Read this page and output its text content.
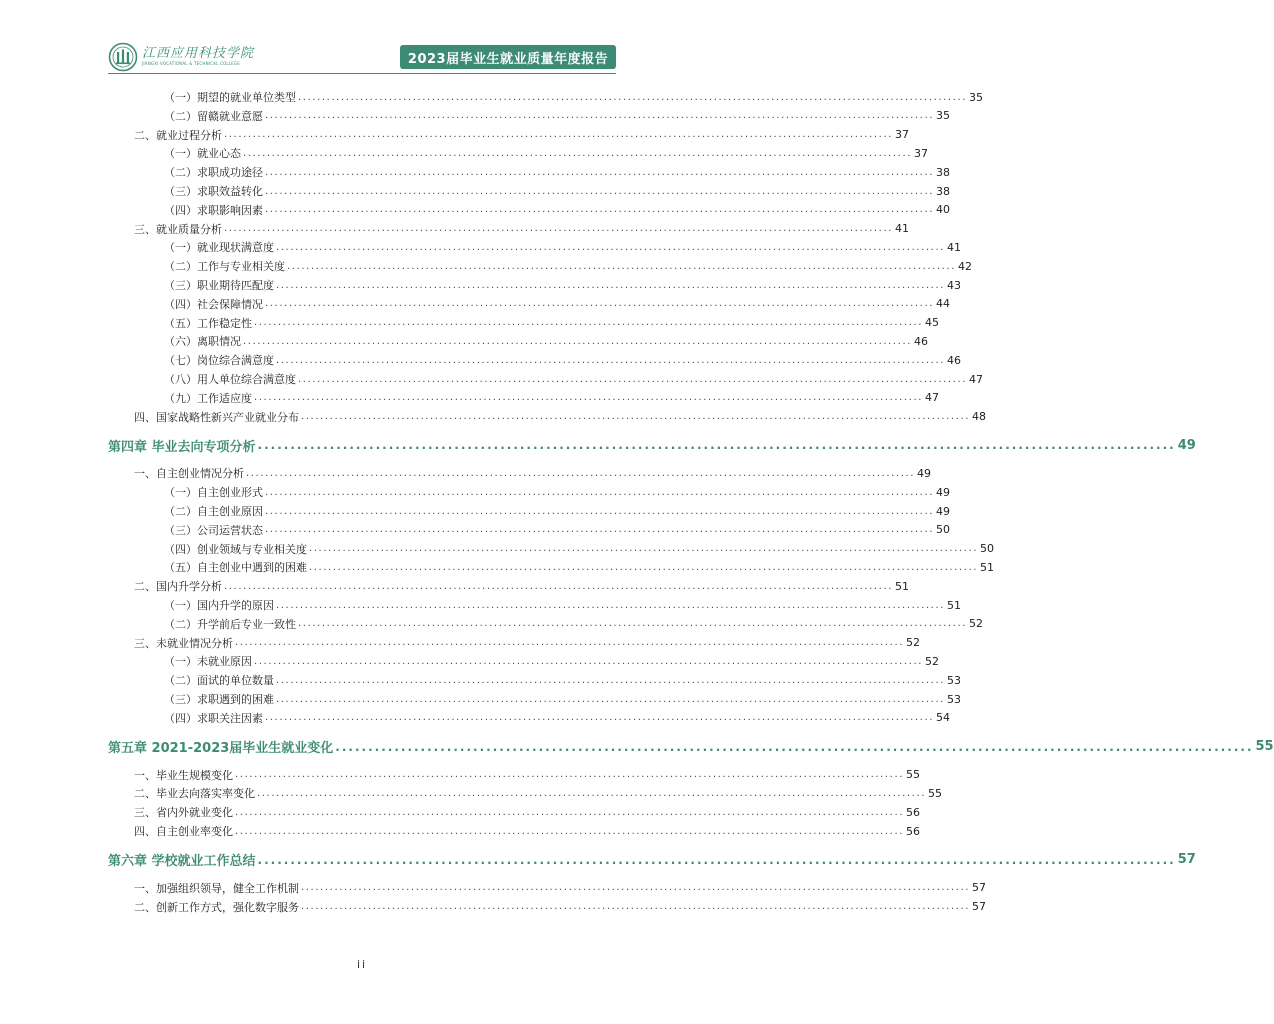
江西应用科技学院
JIANGXI VOCATIONAL & TECHNICAL COLLEGE	2023届毕业生就业质量年度报告
（一）期望的就业单位类型 ............................................................................................................................................ 35
（二）留赣就业意愿 ............................................................................................................................................ 35
二、就业过程分析 ............................................................................................................................................ 37
（一）就业心态 ............................................................................................................................................ 37
（二）求职成功途径 ............................................................................................................................................ 38
（三）求职效益转化 ............................................................................................................................................ 38
（四）求职影响因素 ............................................................................................................................................ 40
三、就业质量分析 ............................................................................................................................................ 41
（一）就业现状满意度 ............................................................................................................................................ 41
（二）工作与专业相关度 ............................................................................................................................................ 42
（三）职业期待匹配度 ............................................................................................................................................ 43
（四）社会保障情况 ............................................................................................................................................ 44
（五）工作稳定性 ............................................................................................................................................ 45
（六）离职情况 ............................................................................................................................................ 46
（七）岗位综合满意度 ............................................................................................................................................ 46
（八）用人单位综合满意度 ............................................................................................................................................ 47
（九）工作适应度 ............................................................................................................................................ 47
四、国家战略性新兴产业就业分布 ............................................................................................................................................ 48
第四章 毕业去向专项分析 ............................................................................................................................................ 49
一、自主创业情况分析 ............................................................................................................................................ 49
（一）自主创业形式 ............................................................................................................................................ 49
（二）自主创业原因 ............................................................................................................................................ 49
（三）公司运营状态 ............................................................................................................................................ 50
（四）创业领域与专业相关度 ............................................................................................................................................ 50
（五）自主创业中遇到的困难 ............................................................................................................................................ 51
二、国内升学分析 ............................................................................................................................................ 51
（一）国内升学的原因 ............................................................................................................................................ 51
（二）升学前后专业一致性 ............................................................................................................................................ 52
三、未就业情况分析 ............................................................................................................................................ 52
（一）未就业原因 ............................................................................................................................................ 52
（二）面试的单位数量 ............................................................................................................................................ 53
（三）求职遇到的困难 ............................................................................................................................................ 53
（四）求职关注因素 ............................................................................................................................................ 54
第五章 2021-2023届毕业生就业变化 ............................................................................................................................................ 55
一、毕业生规模变化 ............................................................................................................................................ 55
二、毕业去向落实率变化 ............................................................................................................................................ 55
三、省内外就业变化 ............................................................................................................................................ 56
四、自主创业率变化 ............................................................................................................................................ 56
第六章 学校就业工作总结 ............................................................................................................................................ 57
一、加强组织领导，健全工作机制 ............................................................................................................................................ 57
二、创新工作方式，强化数字服务 ............................................................................................................................................ 57
ii
